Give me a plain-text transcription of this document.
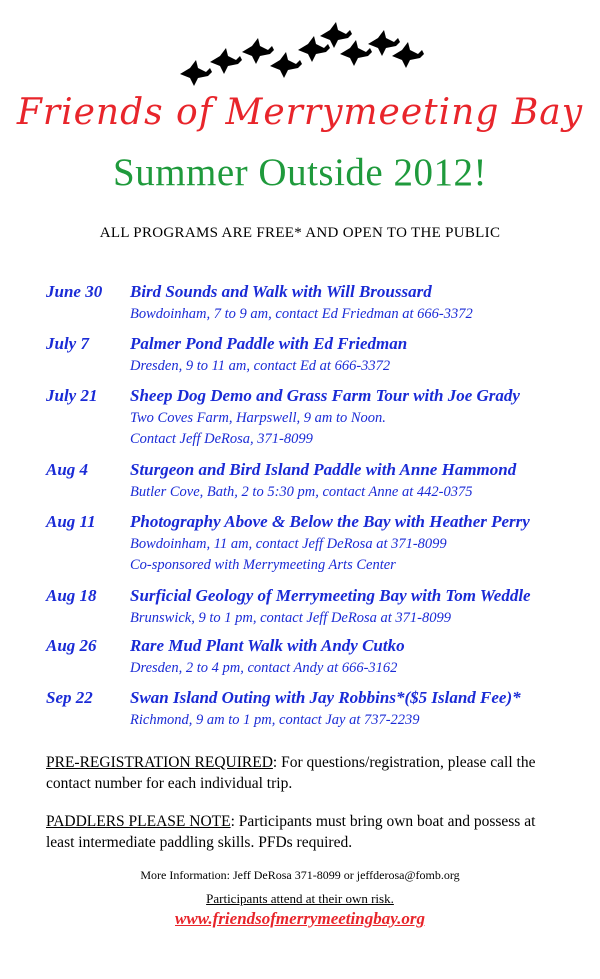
Friends of Merrymeeting Bay
Summer Outside 2012!
ALL PROGRAMS ARE FREE* AND OPEN TO THE PUBLIC
June 30 Bird Sounds and Walk with Will Broussard
Bowdoinham, 7 to 9 am, contact Ed Friedman at 666-3372
July 7 Palmer Pond Paddle with Ed Friedman
Dresden, 9 to 11 am, contact Ed at 666-3372
July 21 Sheep Dog Demo and Grass Farm Tour with Joe Grady
Two Coves Farm, Harpswell, 9 am to Noon.
Contact Jeff DeRosa, 371-8099
Aug 4 Sturgeon and Bird Island Paddle with Anne Hammond
Butler Cove, Bath, 2 to 5:30 pm, contact Anne at 442-0375
Aug 11 Photography Above & Below the Bay with Heather Perry
Bowdoinham, 11 am, contact Jeff DeRosa at 371-8099
Co-sponsored with Merrymeeting Arts Center
Aug 18 Surficial Geology of Merrymeeting Bay with Tom Weddle
Brunswick, 9 to 1 pm, contact Jeff DeRosa at 371-8099
Aug 26 Rare Mud Plant Walk with Andy Cutko
Dresden, 2 to 4 pm, contact Andy at 666-3162
Sep 22 Swan Island Outing with Jay Robbins*($5 Island Fee)*
Richmond, 9 am to 1 pm, contact Jay at 737-2239
PRE-REGISTRATION REQUIRED: For questions/registration, please call the contact number for each individual trip.
PADDLERS PLEASE NOTE: Participants must bring own boat and possess at least intermediate paddling skills. PFDs required.
More Information: Jeff DeRosa 371-8099 or jeffderosa@fomb.org
Participants attend at their own risk.
www.friendsofmerrymeetingbay.org
